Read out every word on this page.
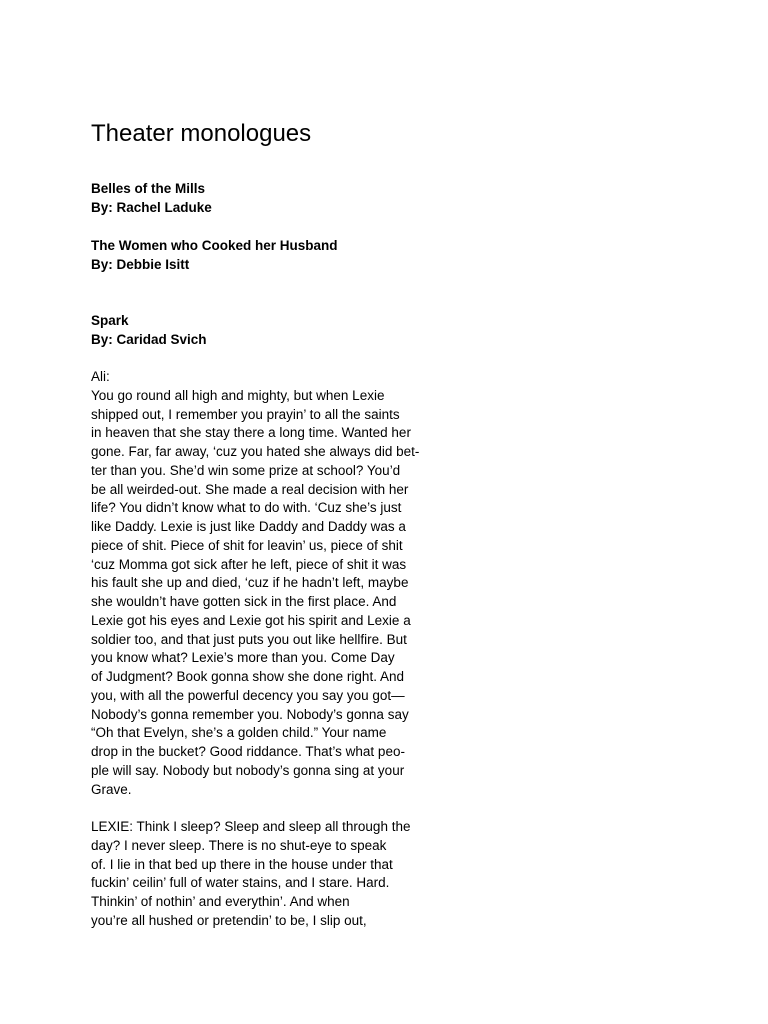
Theater monologues
Belles of the Mills
By: Rachel Laduke
The Women who Cooked her Husband
By: Debbie Isitt
Spark
By: Caridad Svich
Ali:
You go round all high and mighty, but when Lexie
shipped out, I remember you prayin’ to all the saints
in heaven that she stay there a long time. Wanted her
gone. Far, far away, ‘cuz you hated she always did bet-
ter than you. She’d win some prize at school? You’d
be all weirded-out. She made a real decision with her
life? You didn’t know what to do with. ‘Cuz she’s just
like Daddy. Lexie is just like Daddy and Daddy was a
piece of shit. Piece of shit for leavin’ us, piece of shit
‘cuz Momma got sick after he left, piece of shit it was
his fault she up and died, ‘cuz if he hadn’t left, maybe
she wouldn’t have gotten sick in the first place. And
Lexie got his eyes and Lexie got his spirit and Lexie a
soldier too, and that just puts you out like hellfire. But
you know what? Lexie’s more than you. Come Day
of Judgment? Book gonna show she done right. And
you, with all the powerful decency you say you got—
Nobody’s gonna remember you. Nobody’s gonna say
“Oh that Evelyn, she’s a golden child.” Your name
drop in the bucket? Good riddance. That’s what peo-
ple will say. Nobody but nobody’s gonna sing at your
Grave.
LEXIE: Think I sleep? Sleep and sleep all through the
day? I never sleep. There is no shut-eye to speak
of. I lie in that bed up there in the house under that
fuckin’ ceilin’ full of water stains, and I stare. Hard.
Thinkin’ of nothin’ and everythin’. And when
you’re all hushed or pretendin’ to be, I slip out,
